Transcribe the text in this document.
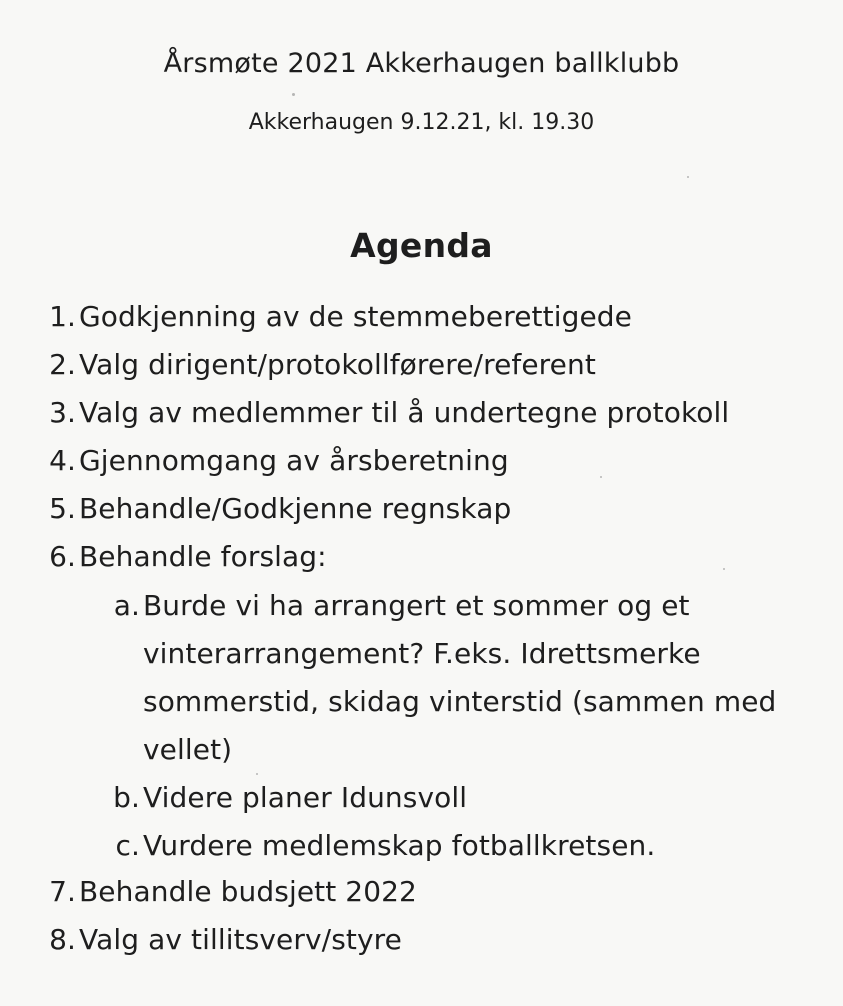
Årsmøte 2021 Akkerhaugen ballklubb
Akkerhaugen 9.12.21, kl. 19.30
Agenda
1. Godkjenning av de stemmeberettigede
2. Valg dirigent/protokollførere/referent
3. Valg av medlemmer til å undertegne protokoll
4. Gjennomgang av årsberetning
5. Behandle/Godkjenne regnskap
6. Behandle forslag:
a. Burde vi ha arrangert et sommer og et
vinterarrangement? F.eks. Idrettsmerke
sommerstid, skidag vinterstid (sammen med
vellet)
b. Videre planer Idunsvoll
c. Vurdere medlemskap fotballkretsen.
7. Behandle budsjett 2022
8. Valg av tillitsverv/styre
